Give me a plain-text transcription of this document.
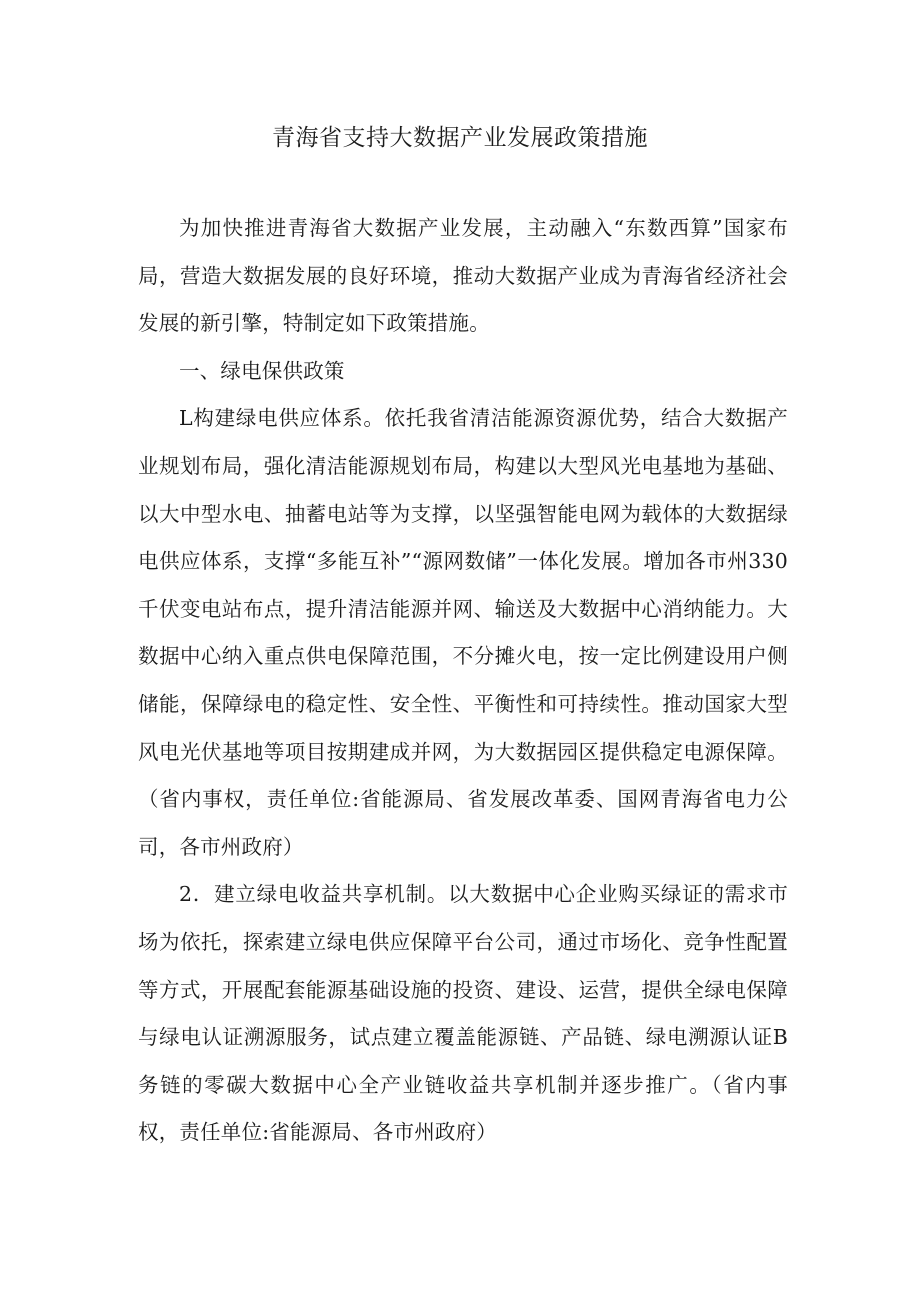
青海省支持大数据产业发展政策措施

为加快推进青海省大数据产业发展，主动融入“东数西算”国家布局，营造大数据发展的良好环境，推动大数据产业成为青海省经济社会发展的新引擎，特制定如下政策措施。

一、绿电保供政策

L构建绿电供应体系。依托我省清洁能源资源优势，结合大数据产业规划布局，强化清洁能源规划布局，构建以大型风光电基地为基础、以大中型水电、抽蓄电站等为支撑，以坚强智能电网为载体的大数据绿电供应体系，支撑“多能互补”“源网数储”一体化发展。增加各市州330千伏变电站布点，提升清洁能源并网、输送及大数据中心消纳能力。大数据中心纳入重点供电保障范围，不分摊火电，按一定比例建设用户侧储能，保障绿电的稳定性、安全性、平衡性和可持续性。推动国家大型风电光伏基地等项目按期建成并网，为大数据园区提供稳定电源保障。（省内事权，责任单位:省能源局、省发展改革委、国网青海省电力公司，各市州政府）

2．建立绿电收益共享机制。以大数据中心企业购买绿证的需求市场为依托，探索建立绿电供应保障平台公司，通过市场化、竞争性配置等方式，开展配套能源基础设施的投资、建设、运营，提供全绿电保障与绿电认证溯源服务，试点建立覆盖能源链、产品链、绿电溯源认证B务链的零碳大数据中心全产业链收益共享机制并逐步推广。（省内事权，责任单位:省能源局、各市州政府）
